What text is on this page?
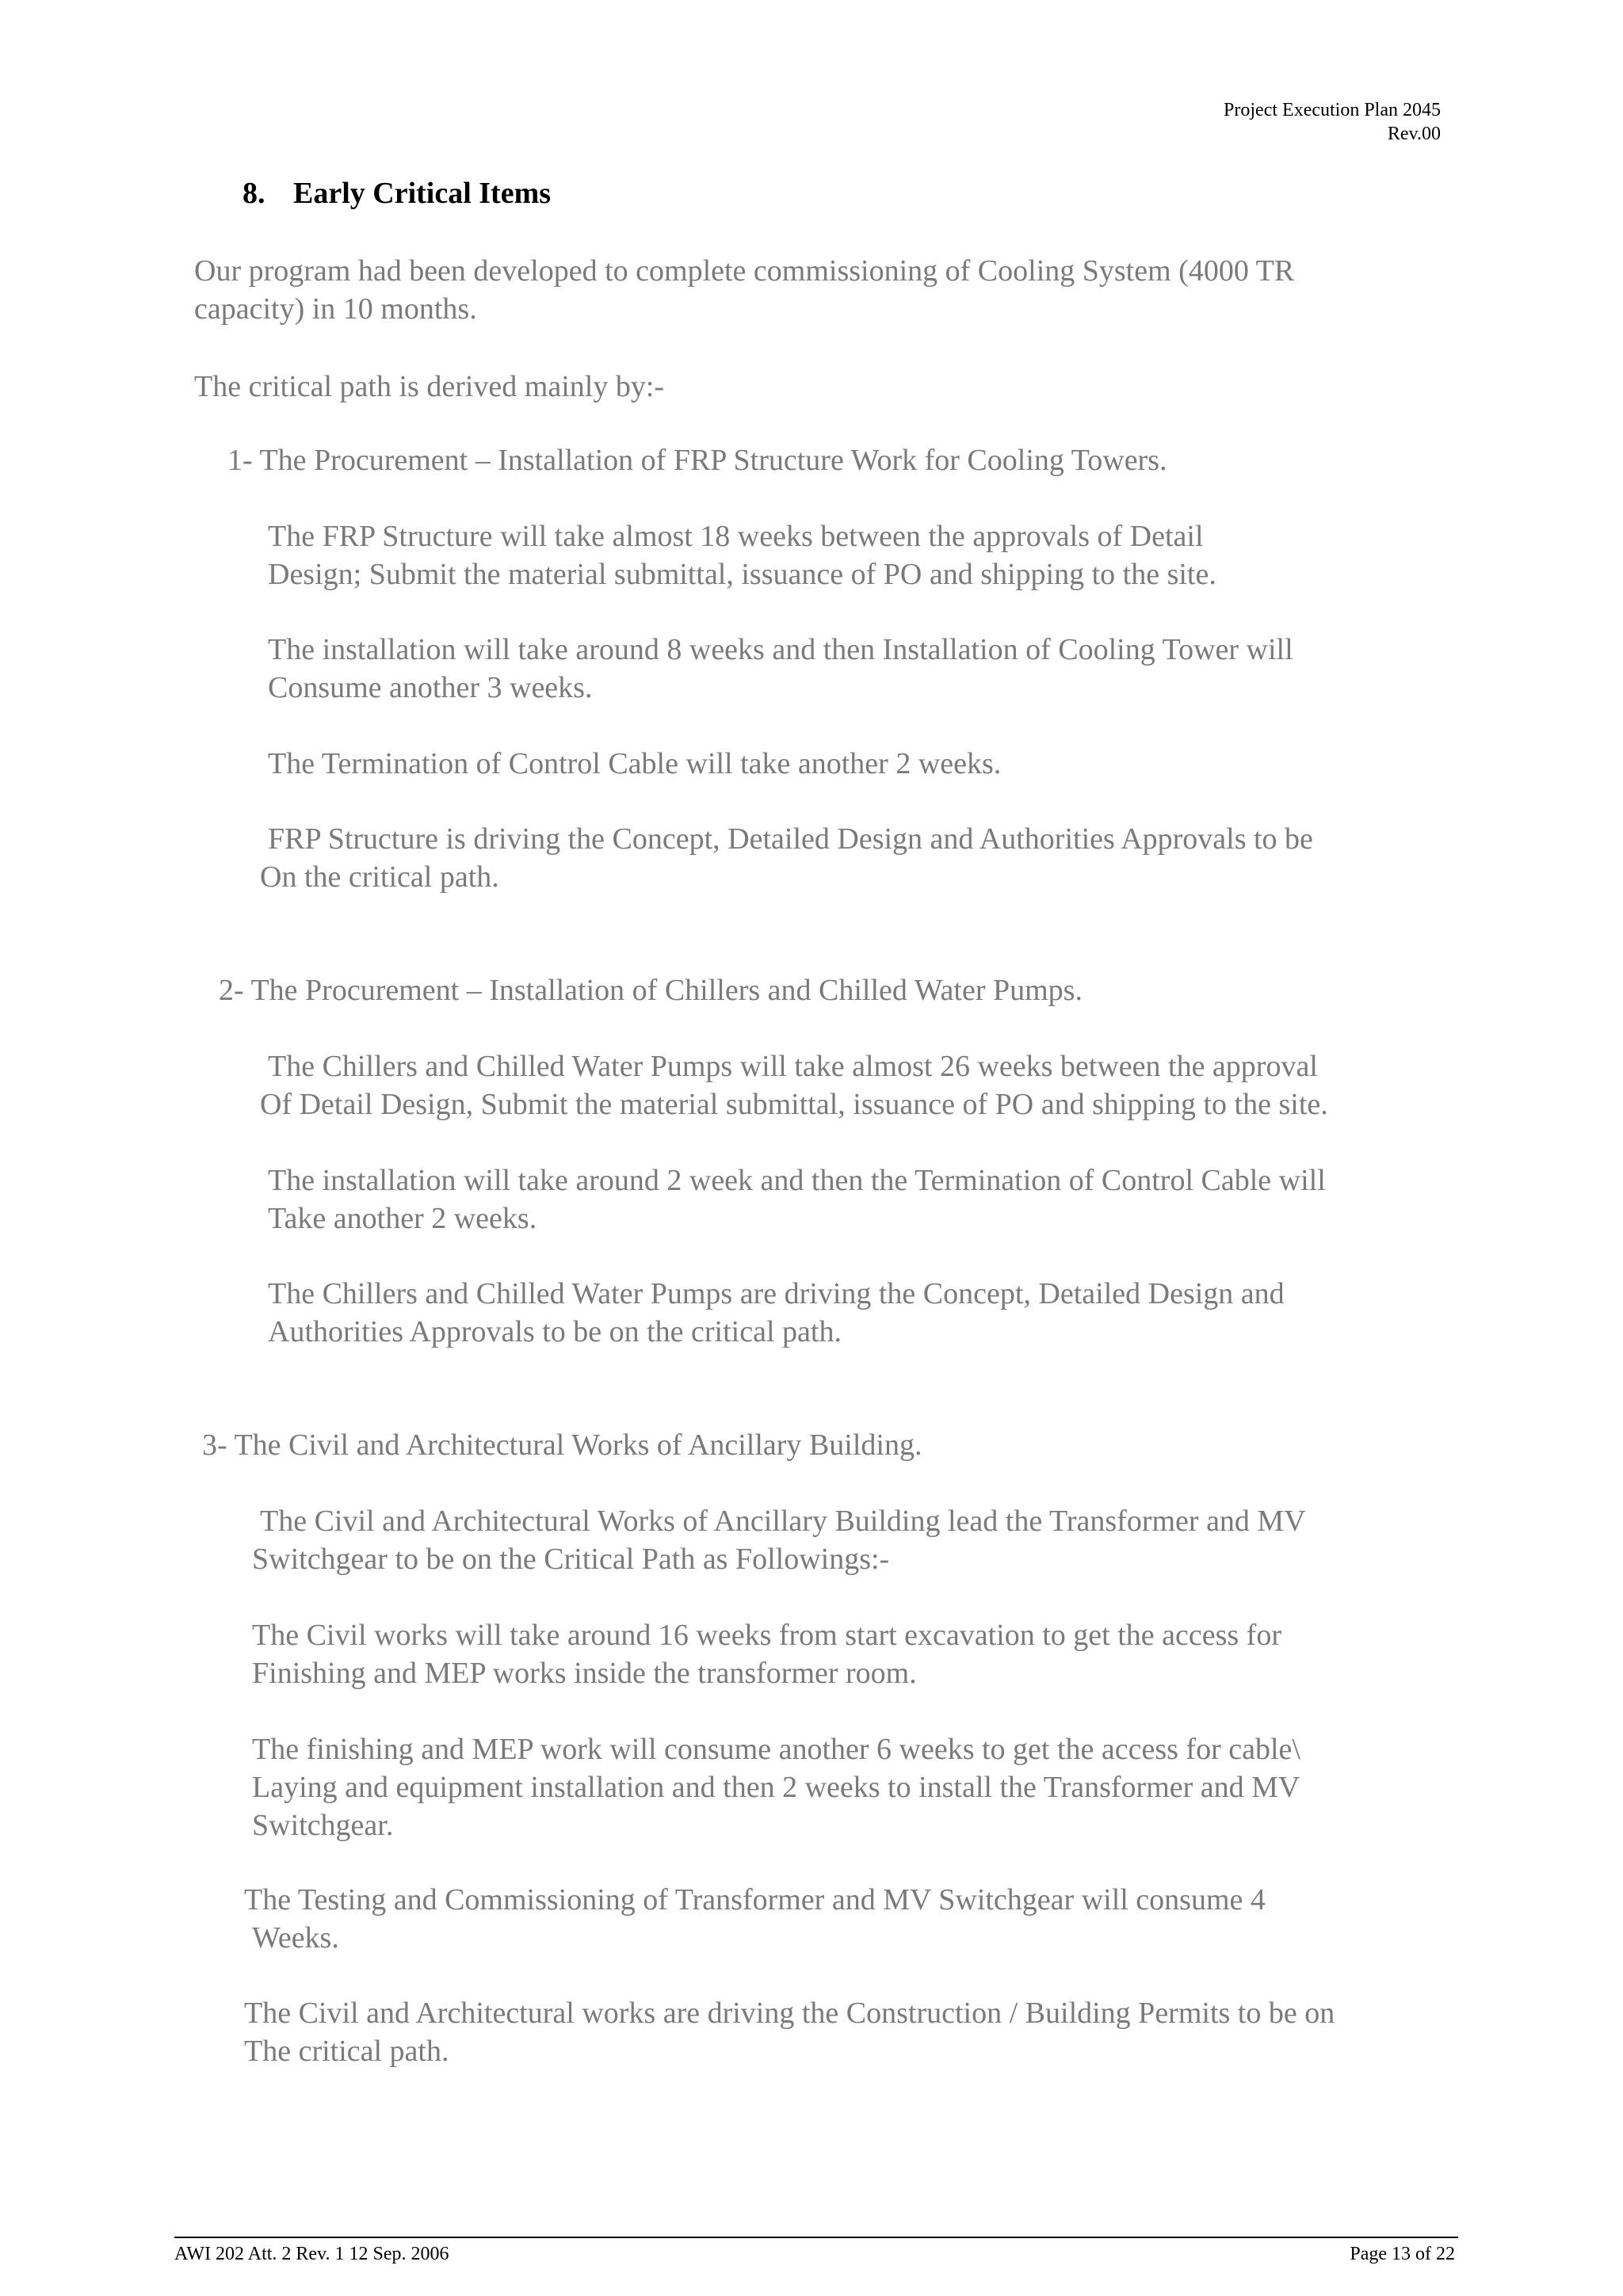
Project Execution Plan 2045
Rev.00
8. Early Critical Items
Our program had been developed to complete commissioning of Cooling System (4000 TR
capacity) in 10 months.
The critical path is derived mainly by:-
1- The Procurement – Installation of FRP Structure Work for Cooling Towers.
The FRP Structure will take almost 18 weeks between the approvals of Detail
Design; Submit the material submittal, issuance of PO and shipping to the site.
The installation will take around 8 weeks and then Installation of Cooling Tower will
Consume another 3 weeks.
The Termination of Control Cable will take another 2 weeks.
FRP Structure is driving the Concept, Detailed Design and Authorities Approvals to be
On the critical path.
2- The Procurement – Installation of Chillers and Chilled Water Pumps.
The Chillers and Chilled Water Pumps will take almost 26 weeks between the approval
Of Detail Design, Submit the material submittal, issuance of PO and shipping to the site.
The installation will take around 2 week and then the Termination of Control Cable will
Take another 2 weeks.
The Chillers and Chilled Water Pumps are driving the Concept, Detailed Design and
Authorities Approvals to be on the critical path.
3- The Civil and Architectural Works of Ancillary Building.
The Civil and Architectural Works of Ancillary Building lead the Transformer and MV
Switchgear to be on the Critical Path as Followings:-
The Civil works will take around 16 weeks from start excavation to get the access for
Finishing and MEP works inside the transformer room.
The finishing and MEP work will consume another 6 weeks to get the access for cable\
Laying and equipment installation and then 2 weeks to install the Transformer and MV
Switchgear.
The Testing and Commissioning of Transformer and MV Switchgear will consume 4
Weeks.
The Civil and Architectural works are driving the Construction / Building Permits to be on
The critical path.
AWI 202 Att. 2 Rev. 1 12 Sep. 2006	Page 13 of 22
